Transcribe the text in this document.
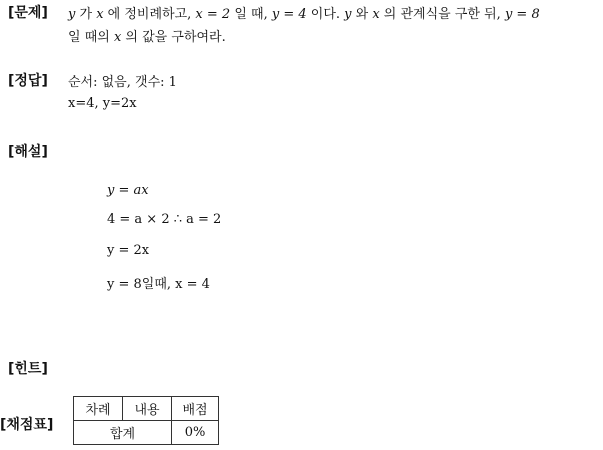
[문제] y 가 x 에 정비례하고, x = 2 일 때, y = 4 이다. y 와 x 의 관계식을 구한 뒤, y = 8
일 때의 x 의 값을 구하여라.
[정답] 순서: 없음, 갯수: 1
x=4, y=2x
[해설]
y = ax
4 = a × 2 ∴ a = 2
y = 2x
y = 8일때, x = 4
[힌트]
[채점표]
차례	내용	배점
합계		0%
